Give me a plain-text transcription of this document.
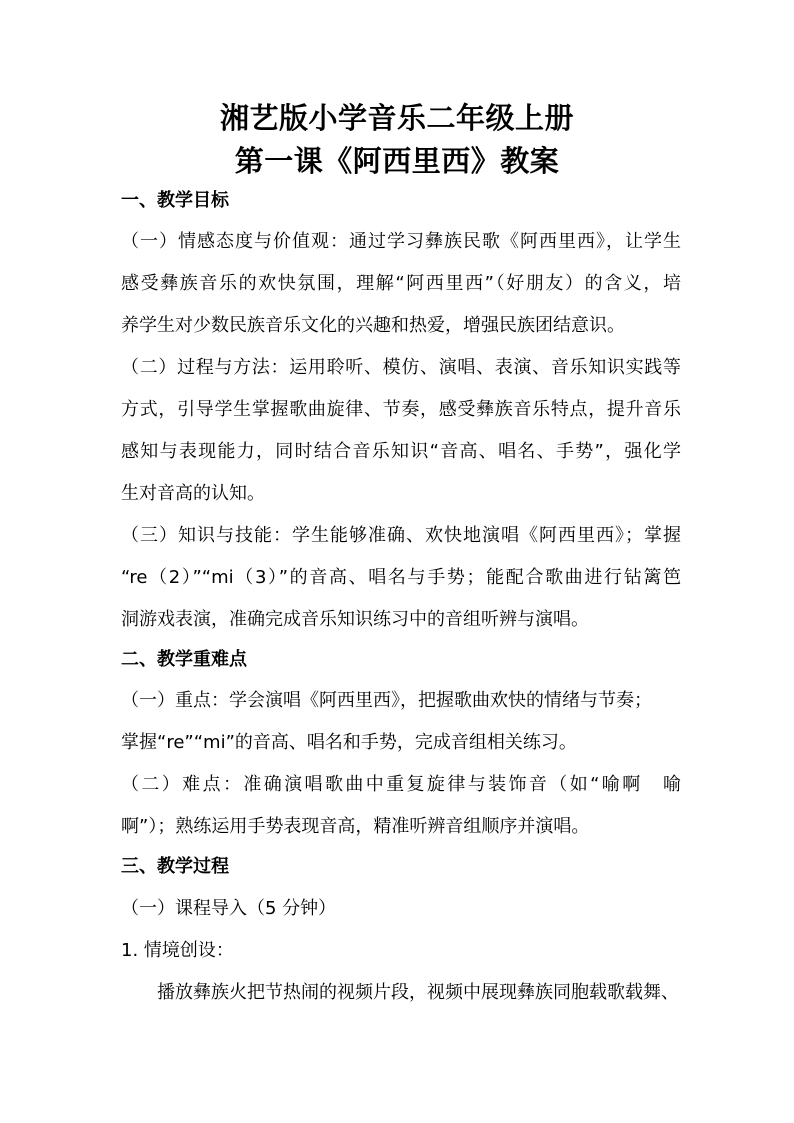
湘艺版小学音乐二年级上册
第一课《阿西里西》教案
一、教学目标
（一）情感态度与价值观：通过学习彝族民歌《阿西里西》，让学生
感受彝族音乐的欢快氛围，理解“阿西里西”（好朋友）的含义，培
养学生对少数民族音乐文化的兴趣和热爱，增强民族团结意识。
（二）过程与方法：运用聆听、模仿、演唱、表演、音乐知识实践等
方式，引导学生掌握歌曲旋律、节奏，感受彝族音乐特点，提升音乐
感知与表现能力，同时结合音乐知识“音高、唱名、手势”，强化学
生对音高的认知。
（三）知识与技能：学生能够准确、欢快地演唱《阿西里西》；掌握
“re（2）”“mi（3）”的音高、唱名与手势；能配合歌曲进行钻篱笆
洞游戏表演，准确完成音乐知识练习中的音组听辨与演唱。
二、教学重难点
（一）重点：学会演唱《阿西里西》，把握歌曲欢快的情绪与节奏；
掌握“re”“mi”的音高、唱名和手势，完成音组相关练习。
（二）难点：准确演唱歌曲中重复旋律与装饰音（如“喻啊　喻
啊”）；熟练运用手势表现音高，精准听辨音组顺序并演唱。
三、教学过程
（一）课程导入（5 分钟）
1. 情境创设：
播放彝族火把节热闹的视频片段，视频中展现彝族同胞载歌载舞、
